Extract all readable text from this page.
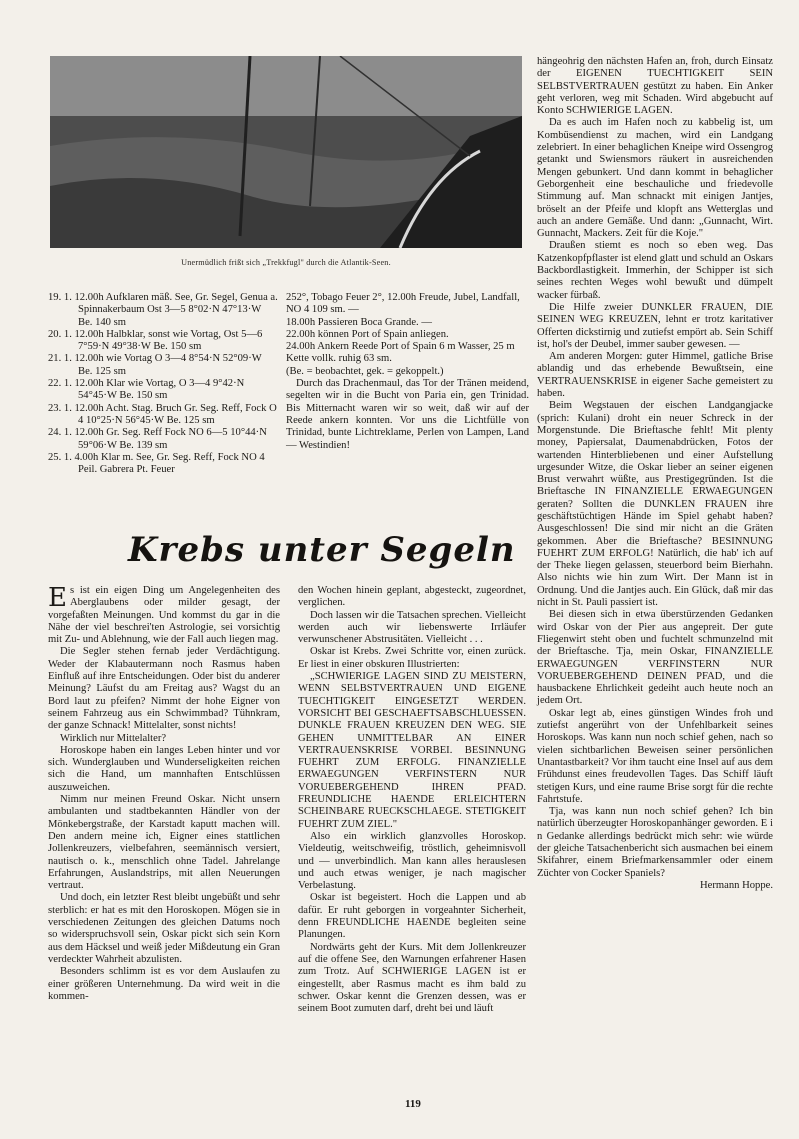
Unermüdlich frißt sich „Trekkfugl" durch die Atlantik-Seen.

19. 1. 12.00h Aufklaren mäß. See, Gr. Segel, Genua a. Spinnakerbaum Ost 3—5 8°02·N 47°13·W Be. 140 sm

20. 1. 12.00h Halbklar, sonst wie Vortag, Ost 5—6 7°59·N 49°38·W Be. 150 sm

21. 1. 12.00h wie Vortag O 3—4 8°54·N 52°09·W Be. 125 sm

22. 1. 12.00h Klar wie Vortag, O 3—4 9°42·N 54°45·W Be. 150 sm

23. 1. 12.00h Acht. Stag. Bruch Gr. Seg. Reff, Fock O 4 10°25·N 56°45·W Be. 125 sm

24. 1. 12.00h Gr. Seg. Reff Fock NO 6—5 10°44·N 59°06·W Be. 139 sm

25. 1. 4.00h Klar m. See, Gr. Seg. Reff, Fock NO 4 Peil. Gabrera Pt. Feuer

252°, Tobago Feuer 2°, 12.00h Freude, Jubel, Landfall, NO 4 109 sm. —

18.00h Passieren Boca Grande. —

22.00h können Port of Spain anliegen.

24.00h Ankern Reede Port of Spain 6 m Wasser, 25 m Kette vollk. ruhig 63 sm.

(Be. = beobachtet, gek. = gekoppelt.)

Durch das Drachenmaul, das Tor der Tränen meidend, segelten wir in die Bucht von Paria ein, gen Trinidad. Bis Mitternacht waren wir so weit, daß wir auf der Reede ankern konnten. Vor uns die Lichtfülle von Trinidad, bunte Lichtreklame, Perlen von Lampen, Land — Westindien!

Krebs unter Segeln

Es ist ein eigen Ding um Angelegenheiten des Aberglaubens oder milder gesagt, der vorgefaßten Meinungen. Und kommst du gar in die Nähe der viel beschrei'ten Astrologie, sei vorsichtig mit Zu- und Ablehnung, wie der Fall auch liegen mag.

Die Segler stehen fernab jeder Verdächtigung. Weder der Klabautermann noch Rasmus haben Einfluß auf ihre Entscheidungen. Oder bist du anderer Meinung? Läufst du am Freitag aus? Wagst du an Bord laut zu pfeifen? Nimmt der hohe Eigner von seinem Fahrzeug aus ein Schwimmbad? Tühnkram, der ganze Schnack! Mittelalter, sonst nichts!

Wirklich nur Mittelalter?

Horoskope haben ein langes Leben hinter und vor sich. Wunderglauben und Wunderseligkeiten reichen sich die Hand, um mannhaften Entschlüssen auszuweichen.

Nimm nur meinen Freund Oskar. Nicht unsern ambulanten und stadtbekannten Händler von der Mönkebergstraße, der Karstadt kaputt machen will. Den andern meine ich, Eigner eines stattlichen Jollenkreuzers, vielbefahren, seemännisch versiert, nautisch o. k., menschlich ohne Tadel. Jahrelange Erfahrungen, Auslandstrips, mit allen Neuerungen vertraut.

Und doch, ein letzter Rest bleibt ungebüßt und sehr sterblich: er hat es mit den Horoskopen. Mögen sie in verschiedenen Zeitungen des gleichen Datums noch so widerspruchsvoll sein, Oskar pickt sich sein Korn aus dem Häcksel und weiß jeder Mißdeutung ein Gran verdeckter Wahrheit abzulisten.

Besonders schlimm ist es vor dem Auslaufen zu einer größeren Unternehmung. Da wird weit in die kommen-

den Wochen hinein geplant, abgesteckt, zugeordnet, verglichen.

Doch lassen wir die Tatsachen sprechen. Vielleicht werden auch wir liebenswerte Irrläufer verwunschener Abstrusitäten. Vielleicht . . .

Oskar ist Krebs. Zwei Schritte vor, einen zurück. Er liest in einer obskuren Illustrierten:

„SCHWIERIGE LAGEN SIND ZU MEISTERN, WENN SELBSTVERTRAUEN UND EIGENE TUECHTIGKEIT EINGESETZT WERDEN. VORSICHT BEI GESCHAEFTSABSCHLUESSEN. DUNKLE FRAUEN KREUZEN DEN WEG. SIE GEHEN UNMITTELBAR AN EINER VERTRAUENSKRISE VORBEI. BESINNUNG FUEHRT ZUM ERFOLG. FINANZIELLE ERWAEGUNGEN VERFINSTERN NUR VORUEBERGEHEND IHREN PFAD. FREUNDLICHE HAENDE ERLEICHTERN SCHEINBARE RUECKSCHLAEGE. STETIGKEIT FUEHRT ZUM ZIEL."

Also ein wirklich glanzvolles Horoskop. Vieldeutig, weitschweifig, tröstlich, geheimnisvoll und — unverbindlich. Man kann alles herauslesen und auch etwas weniger, je nach magischer Verbelastung.

Oskar ist begeistert. Hoch die Lappen und ab dafür. Er ruht geborgen in vorgeahnter Sicherheit, denn FREUNDLICHE HAENDE begleiten seine Planungen.

Nordwärts geht der Kurs. Mit dem Jollenkreuzer auf die offene See, den Warnungen erfahrener Hasen zum Trotz. Auf SCHWIERIGE LAGEN ist er eingestellt, aber Rasmus macht es ihm bald zu schwer. Oskar kennt die Grenzen dessen, was er seinem Boot zumuten darf, dreht bei und läuft

hängeohrig den nächsten Hafen an, froh, durch Einsatz der EIGENEN TUECHTIGKEIT SEIN SELBSTVERTRAUEN gestützt zu haben. Ein Anker geht verloren, weg mit Schaden. Wird abgebucht auf Konto SCHWIERIGE LAGEN.

Da es auch im Hafen noch zu kabbelig ist, um Kombüsendienst zu machen, wird ein Landgang zelebriert. In einer behaglichen Kneipe wird Ossengrog getankt und Swiensmors räukert in ausreichenden Mengen gebunkert. Und dann kommt in behaglicher Geborgenheit eine beschauliche und friedevolle Stimmung auf. Man schnackt mit einigen Jantjes, bröselt an der Pfeife und klopft ans Wetterglas und auch an andere Gemäße. Und dann: „Gunnacht, Wirt. Gunnacht, Mackers. Zeit für die Koje."

Draußen stiemt es noch so eben weg. Das Katzenkopfpflaster ist elend glatt und schuld an Oskars Backbordlastigkeit. Immerhin, der Schipper ist sich seines rechten Weges wohl bewußt und dümpelt wacker fürbaß.

Die Hilfe zweier DUNKLER FRAUEN, DIE SEINEN WEG KREUZEN, lehnt er trotz karitativer Offerten dickstirnig und zutiefst empört ab. Sein Schiff ist, hol's der Deubel, immer sauber gewesen. —

Am anderen Morgen: guter Himmel, gatliche Brise ablandig und das erhebende Bewußtsein, eine VERTRAUENSKRISE in eigener Sache gemeistert zu haben.

Beim Wegstauen der eischen Landgangjacke (sprich: Kulani) droht ein neuer Schreck in der Morgenstunde. Die Brieftasche fehlt! Mit plenty money, Papiersalat, Daumenabdrücken, Fotos der wartenden Hinterbliebenen und einer Aufstellung urgesunder Witze, die Oskar lieber an seiner eigenen Brust verwahrt wüßte, aus Prestigegründen. Ist die Brieftasche IN FINANZIELLE ERWAEGUNGEN geraten? Sollten die DUNKLEN FRAUEN ihre geschäftstüchtigen Hände im Spiel gehabt haben? Ausgeschlossen! Die sind mir nicht an die Gräten gekommen. Aber die Brieftasche? BESINNUNG FUEHRT ZUM ERFOLG! Natürlich, die hab' ich auf der Theke liegen gelassen, steuerbord beim Bierhahn. Also nichts wie hin zum Wirt. Der Mann ist in Ordnung. Und die Jantjes auch. Ein Glück, daß mir das nicht in St. Pauli passiert ist.

Bei diesen sich in etwa überstürzenden Gedanken wird Oskar von der Pier aus angepreit. Der gute Fliegenwirt steht oben und fuchtelt schmunzelnd mit der Brieftasche. Tja, mein Oskar, FINANZIELLE ERWAEGUNGEN VERFINSTERN NUR VORUEBERGEHEND DEINEN PFAD, und die hausbackene Ehrlichkeit gedeiht auch heute noch an jedem Ort.

Oskar legt ab, eines günstigen Windes froh und zutiefst angerührt von der Unfehlbarkeit seines Horoskops. Was kann nun noch schief gehen, nach so vielen sichtbarlichen Beweisen seiner persönlichen Unantastbarkeit? Vor ihm taucht eine Insel auf aus dem Frühdunst eines freudevollen Tages. Das Schiff läuft stetigen Kurs, und eine raume Brise sorgt für die rechte Fahrtstufe.

Tja, was kann nun noch schief gehen? Ich bin natürlich überzeugter Horoskopanhänger geworden. E i n Gedanke allerdings bedrückt mich sehr: wie würde der gleiche Tatsachenbericht sich ausmachen bei einem Skifahrer, einem Briefmarkensammler oder einem Züchter von Cocker Spaniels?

Hermann Hoppe.

119
